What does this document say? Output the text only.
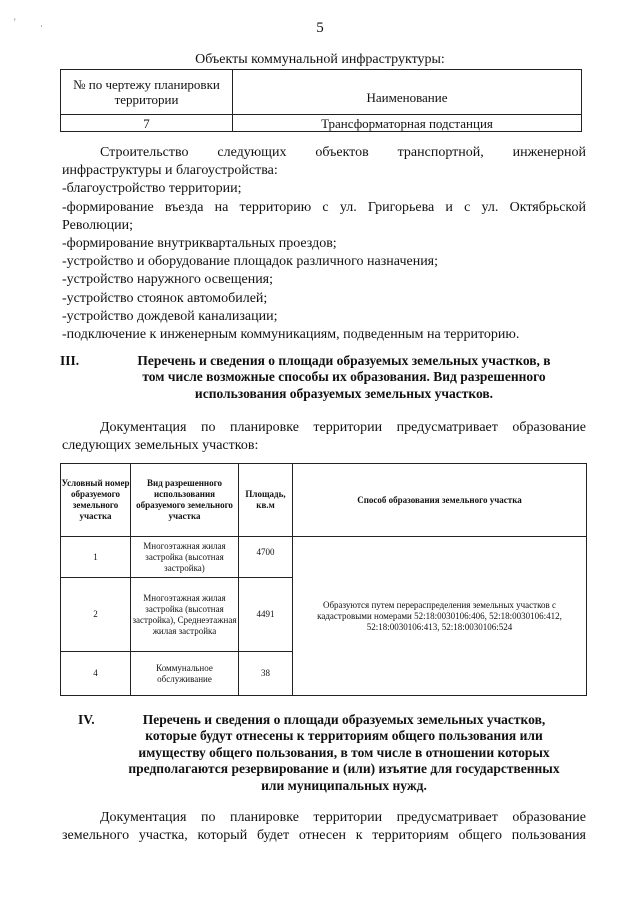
'	·	5
Объекты коммунальной инфраструктуры:
№ по чертежу планировки территории	Наименование
7	Трансформаторная подстанция
Строительство следующих объектов транспортной, инженерной
инфраструктуры и благоустройства:
-благоустройство территории;
-формирование въезда на территорию с ул. Григорьева и с ул. Октябрьской
Революции;
-формирование внутриквартальных проездов;
-устройство и оборудование площадок различного назначения;
-устройство наружного освещения;
-устройство стоянок автомобилей;
-устройство дождевой канализации;
-подключение к инженерным коммуникациям, подведенным на территорию.
III.	Перечень и сведения о площади образуемых земельных участков, в
том числе возможные способы их образования. Вид разрешенного
использования образуемых земельных участков.
Документация по планировке территории предусматривает образование
следующих земельных участков:
Условный номер образуемого земельного участка	Вид разрешенного использования образуемого земельного участка	Площадь, кв.м	Способ образования земельного участка
1	Многоэтажная жилая застройка (высотная застройка)	4700	Образуются путем перераспределения земельных участков с кадастровыми номерами 52:18:0030106:406, 52:18:0030106:412, 52:18:0030106:413, 52:18:0030106:524
2	Многоэтажная жилая застройка (высотная застройка), Среднеэтажная жилая застройка	4491	
4	Коммунальное обслуживание	38	
IV.	Перечень и сведения о площади образуемых земельных участков,
которые будут отнесены к территориям общего пользования или
имуществу общего пользования, в том числе в отношении которых
предполагаются резервирование и (или) изъятие для государственных
или муниципальных нужд.
Документация по планировке территории предусматривает образование
земельного участка, который будет отнесен к территориям общего пользования
